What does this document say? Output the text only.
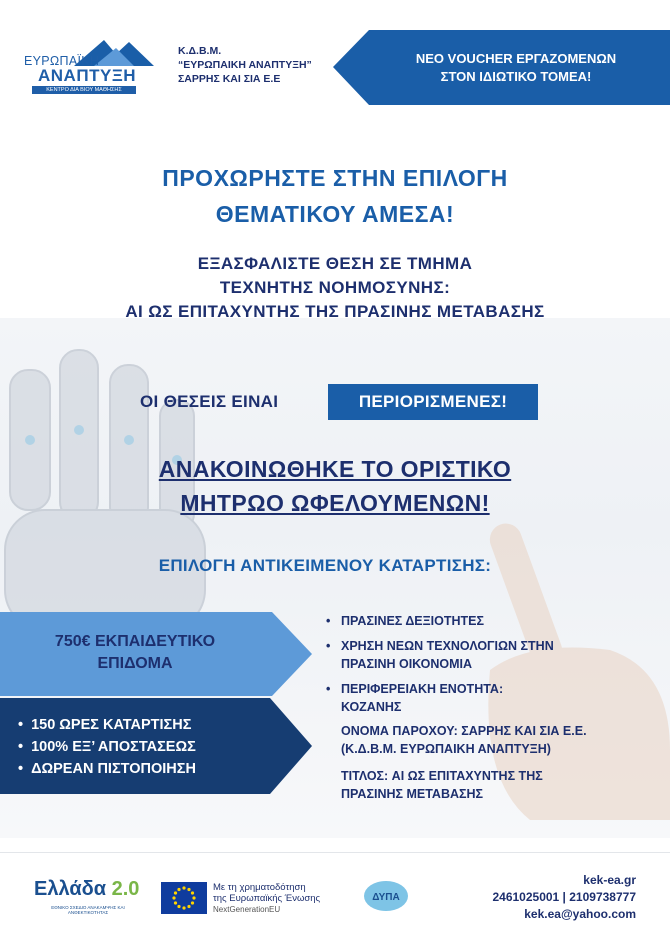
ΕΥΡΩΠΑΪΚΗ
ΑΝΑΠΤΥΞΗ
ΚΕΝΤΡΟ ΔΙΑ ΒΙΟΥ ΜΑΘΗΣΗΣ
Κ.Δ.Β.Μ.
“ΕΥΡΩΠΑΙΚΗ ΑΝΑΠΤΥΞΗ”
ΣΑΡΡΗΣ ΚΑΙ ΣΙΑ Ε.Ε
ΝΕΟ VOUCHER ΕΡΓΑΖΟΜΕΝΩΝ
ΣΤΟΝ ΙΔΙΩΤΙΚΟ ΤΟΜΕΑ!
ΠΡΟΧΩΡΗΣΤΕ ΣΤΗΝ ΕΠΙΛΟΓΗ
ΘΕΜΑΤΙΚΟΥ ΑΜΕΣΑ!
ΕΞΑΣΦΑΛΙΣΤΕ ΘΕΣΗ ΣΕ ΤΜΗΜΑ
ΤΕΧΝΗΤΗΣ ΝΟΗΜΟΣΥΝΗΣ:
AI ΩΣ ΕΠΙΤΑΧΥΝΤΗΣ ΤΗΣ ΠΡΑΣΙΝΗΣ ΜΕΤΑΒΑΣΗΣ
ΟΙ ΘΕΣΕΙΣ ΕΙΝΑΙ	ΠΕΡΙΟΡΙΣΜΕΝΕΣ!
ΑΝΑΚΟΙΝΩΘΗΚΕ ΤΟ ΟΡΙΣΤΙΚΟ
ΜΗΤΡΩΟ ΩΦΕΛΟΥΜΕΝΩΝ!
ΕΠΙΛΟΓΗ ΑΝΤΙΚΕΙΜΕΝΟΥ ΚΑΤΑΡΤΙΣΗΣ:
750€ ΕΚΠΑΙΔΕΥΤΙΚΟ
ΕΠΙΔΟΜΑ
• 150 ΩΡΕΣ ΚΑΤΑΡΤΙΣΗΣ
• 100% ΕΞ’ ΑΠΟΣΤΑΣΕΩΣ
• ΔΩΡΕΑΝ ΠΙΣΤΟΠΟΙΗΣΗ
• ΠΡΑΣΙΝΕΣ ΔΕΞΙΟΤΗΤΕΣ
• ΧΡΗΣΗ ΝΕΩΝ ΤΕΧΝΟΛΟΓΙΩΝ ΣΤΗΝ
ΠΡΑΣΙΝΗ ΟΙΚΟΝΟΜΙΑ
• ΠΕΡΙΦΕΡΕΙΑΚΗ ΕΝΟΤΗΤΑ:
ΚΟΖΑΝΗΣ
ΟΝΟΜΑ ΠΑΡΟΧΟΥ: ΣΑΡΡΗΣ ΚΑΙ ΣΙΑ Ε.Ε.
(Κ.Δ.Β.Μ. ΕΥΡΩΠΑΙΚΗ ΑΝΑΠΤΥΞΗ)
ΤΙΤΛΟΣ: AI ΩΣ ΕΠΙΤΑΧΥΝΤΗΣ ΤΗΣ
ΠΡΑΣΙΝΗΣ ΜΕΤΑΒΑΣΗΣ
Ελλάδα 2.0
ΕΘΝΙΚΟ ΣΧΕΔΙΟ ΑΝΑΚΑΜΨΗΣ ΚΑΙ ΑΝΘΕΚΤΙΚΟΤΗΤΑΣ
Με τη χρηματοδότηση
της Ευρωπαϊκής Ένωσης
NextGenerationEU
ΔΥΠΑ
kek-ea.gr
2461025001 | 2109738777
kek.ea@yahoo.com
